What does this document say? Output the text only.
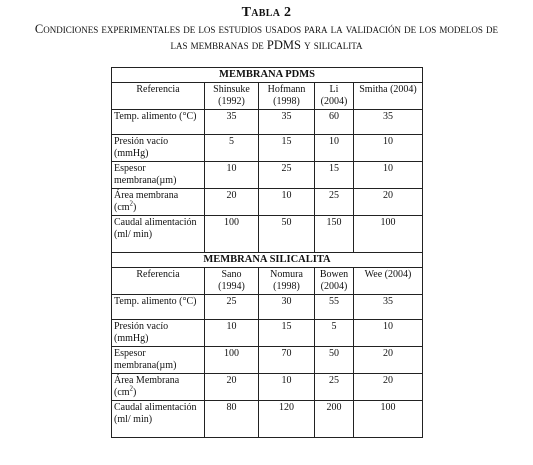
Tabla 2
Condiciones experimentales de los estudios usados para la validación de los modelos de
las membranas de PDMS y silicalita
MEMBRANA PDMS				
Referencia	Shinsuke (1992)	Hofmann (1998)	Li (2004)	Smitha (2004)
Temp. alimento (°C)	35	35	60	35
Presión vacío (mmHg)	5	15	10	10
Espesor membrana(µm)	10	25	15	10
Área membrana $(cm^2)$	20	10	25	20
Caudal alimentación (ml/ min)	100	50	150	100
MEMBRANA SILICALITA				
Referencia	Sano (1994)	Nomura (1998)	Bowen (2004)	Wee (2004)
Temp. alimento (°C)	25	30	55	35
Presión vacío (mmHg)	10	15	5	10
Espesor membrana(µm)	100	70	50	20
Área Membrana $(cm^2)$	20	10	25	20
Caudal alimentación (ml/ min)	80	120	200	100
